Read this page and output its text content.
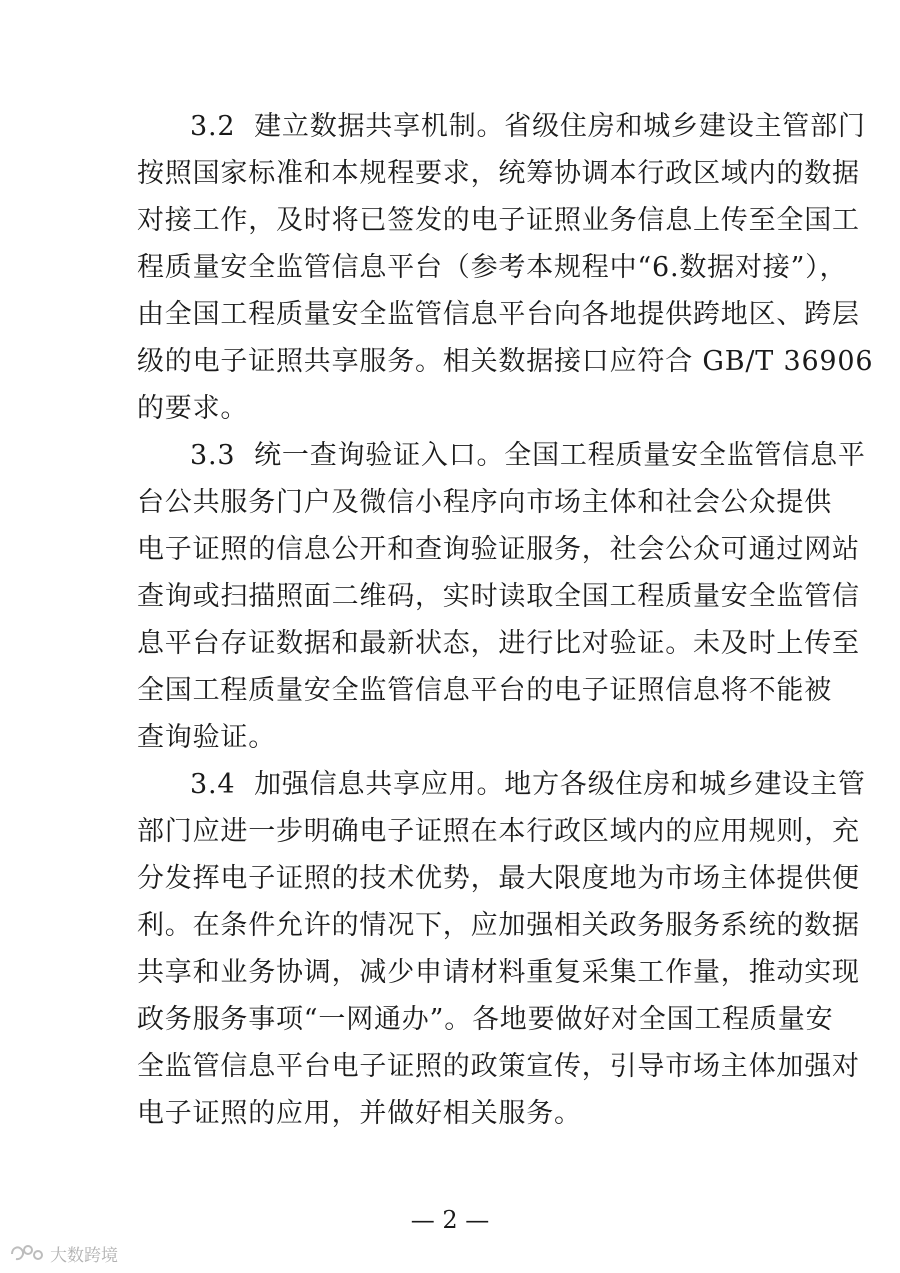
3.2  建立数据共享机制。省级住房和城乡建设主管部门
按照国家标准和本规程要求，统筹协调本行政区域内的数据
对接工作，及时将已签发的电子证照业务信息上传至全国工
程质量安全监管信息平台（参考本规程中“6.数据对接”），
由全国工程质量安全监管信息平台向各地提供跨地区、跨层
级的电子证照共享服务。相关数据接口应符合 GB/T 36906
的要求。
3.3  统一查询验证入口。全国工程质量安全监管信息平
台公共服务门户及微信小程序向市场主体和社会公众提供
电子证照的信息公开和查询验证服务，社会公众可通过网站
查询或扫描照面二维码，实时读取全国工程质量安全监管信
息平台存证数据和最新状态，进行比对验证。未及时上传至
全国工程质量安全监管信息平台的电子证照信息将不能被
查询验证。
3.4  加强信息共享应用。地方各级住房和城乡建设主管
部门应进一步明确电子证照在本行政区域内的应用规则，充
分发挥电子证照的技术优势，最大限度地为市场主体提供便
利。在条件允许的情况下，应加强相关政务服务系统的数据
共享和业务协调，减少申请材料重复采集工作量，推动实现
政务服务事项“一网通办”。各地要做好对全国工程质量安
全监管信息平台电子证照的政策宣传，引导市场主体加强对
电子证照的应用，并做好相关服务。
— 2 —
大数跨境
